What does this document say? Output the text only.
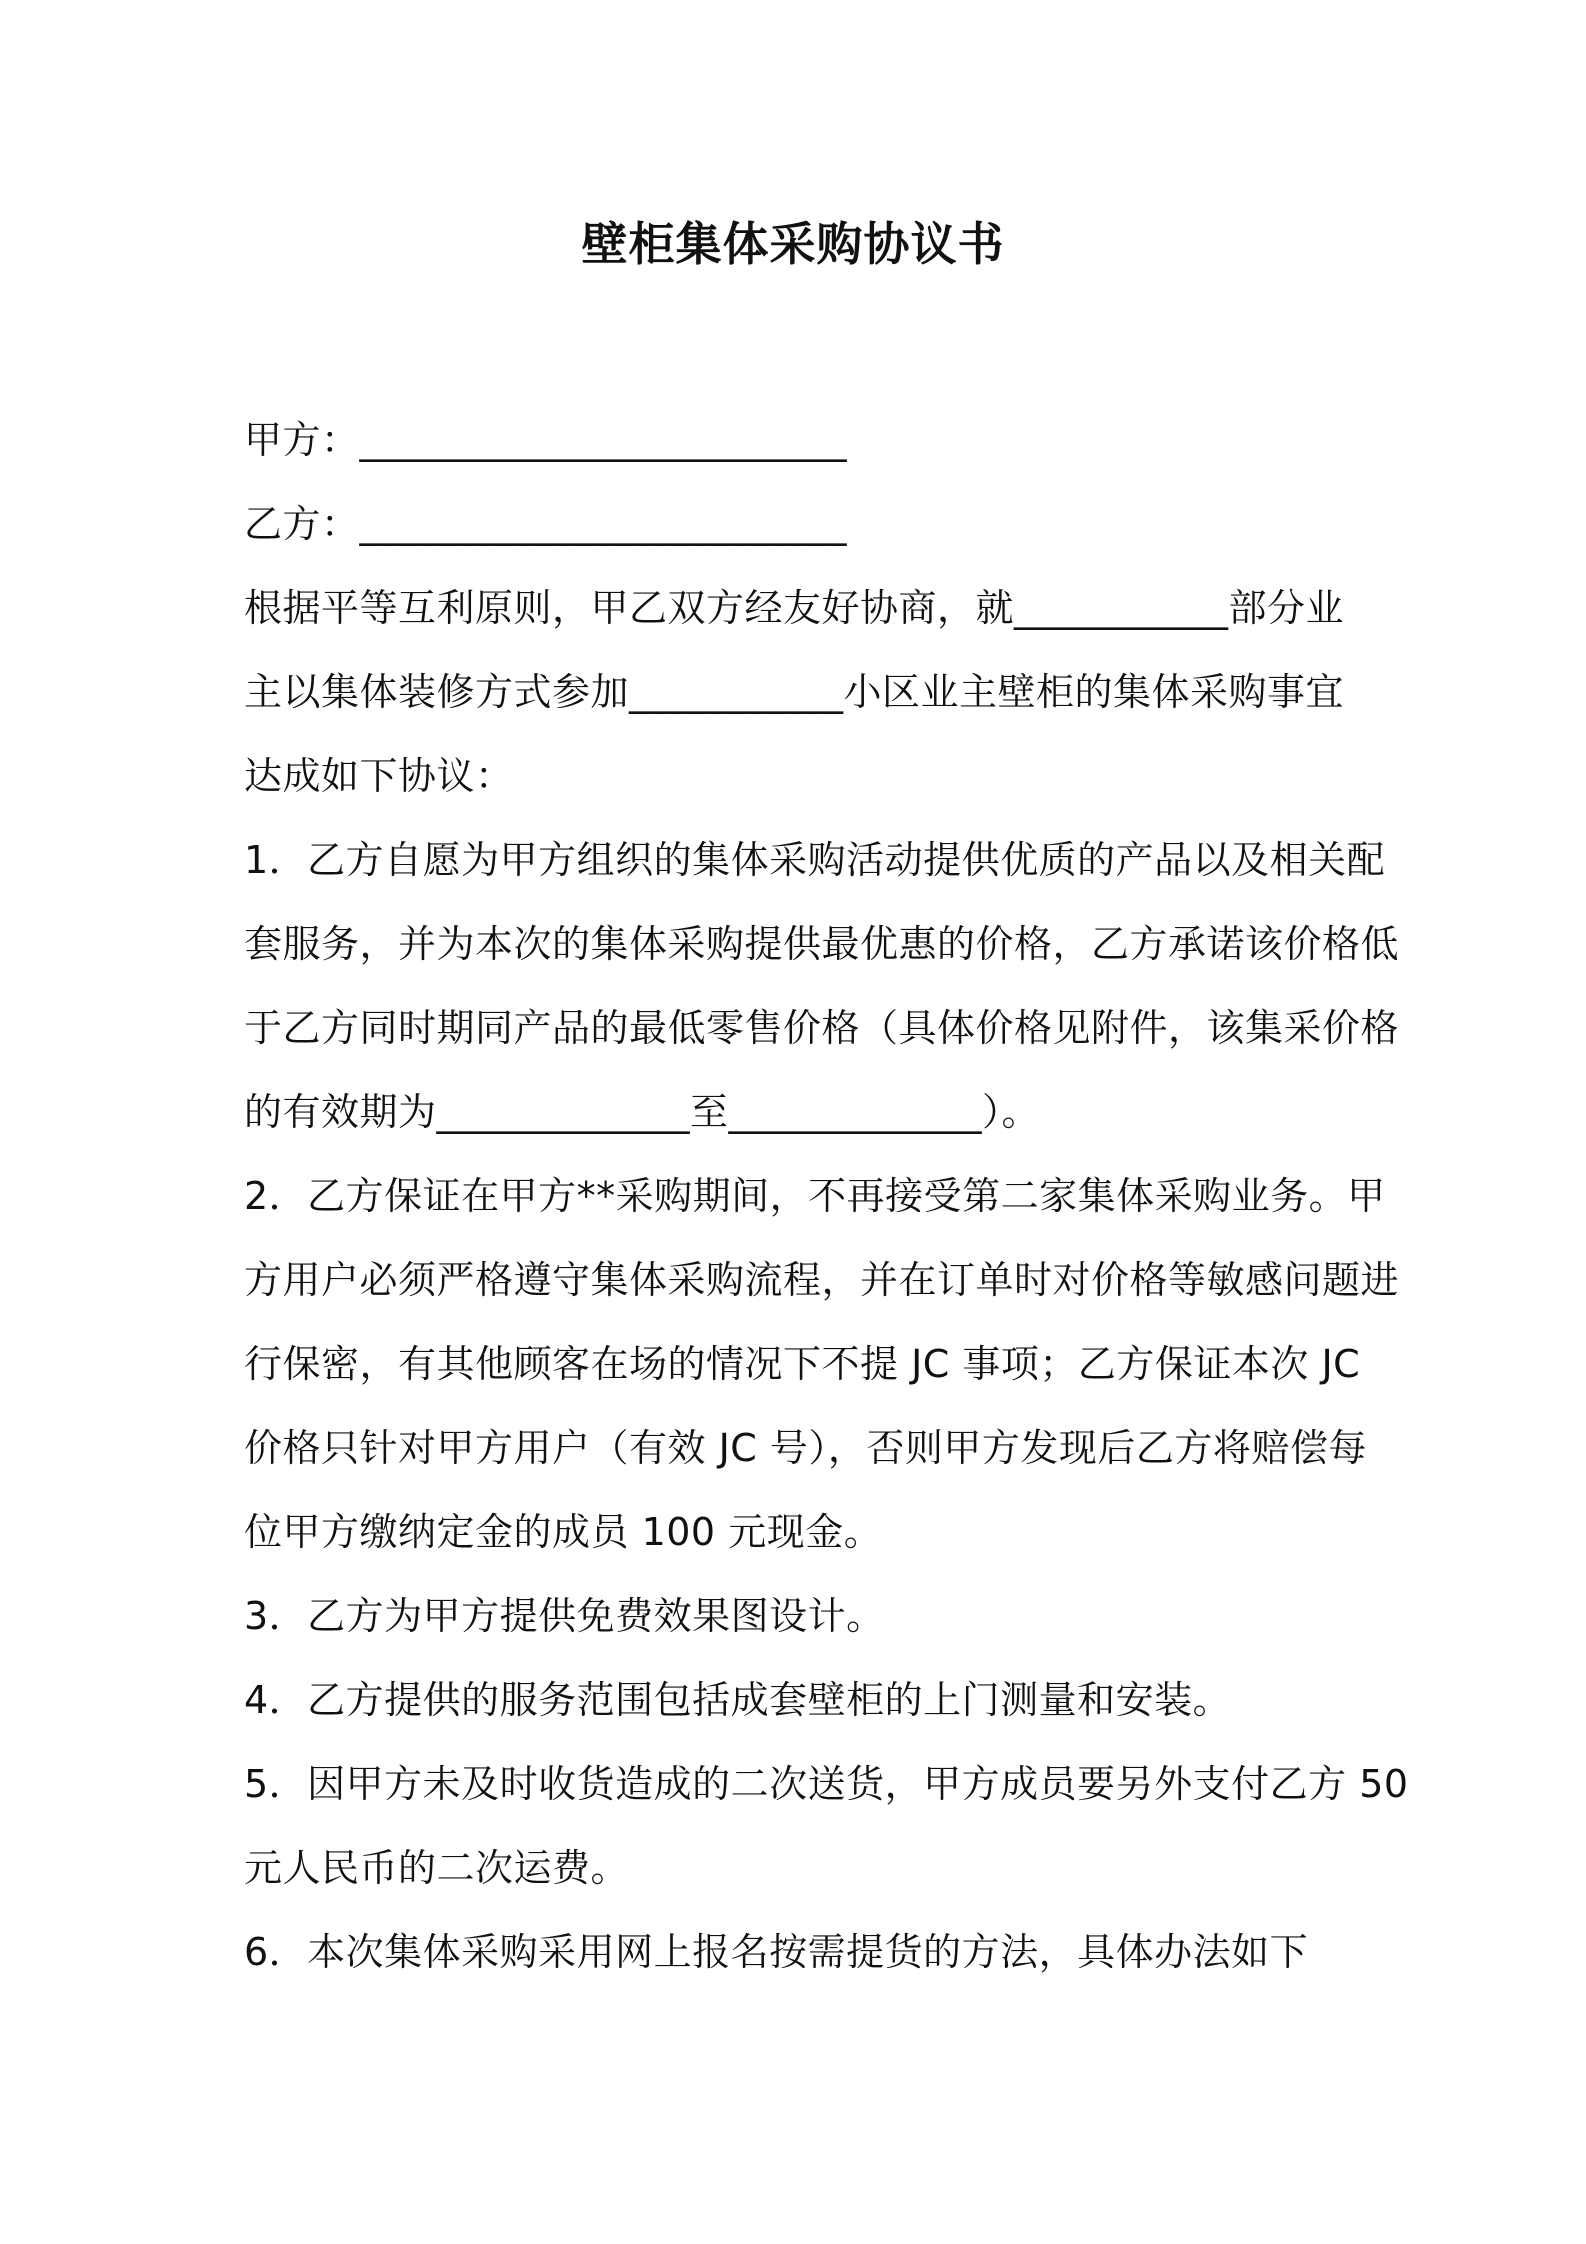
壁柜集体采购协议书
甲方：_________________________
乙方：_________________________
根据平等互利原则，甲乙双方经友好协商，就___________部分业
主以集体装修方式参加___________小区业主壁柜的集体采购事宜
达成如下协议：
1．乙方自愿为甲方组织的集体采购活动提供优质的产品以及相关配
套服务，并为本次的集体采购提供最优惠的价格，乙方承诺该价格低
于乙方同时期同产品的最低零售价格（具体价格见附件，该集采价格
的有效期为_____________至_____________）。
2．乙方保证在甲方**采购期间，不再接受第二家集体采购业务。甲
方用户必须严格遵守集体采购流程，并在订单时对价格等敏感问题进
行保密，有其他顾客在场的情况下不提 JC 事项；乙方保证本次 JC
价格只针对甲方用户（有效 JC 号），否则甲方发现后乙方将赔偿每
位甲方缴纳定金的成员 100 元现金。
3．乙方为甲方提供免费效果图设计。
4．乙方提供的服务范围包括成套壁柜的上门测量和安装。
5．因甲方未及时收货造成的二次送货，甲方成员要另外支付乙方 50
元人民币的二次运费。
6．本次集体采购采用网上报名按需提货的方法，具体办法如下
